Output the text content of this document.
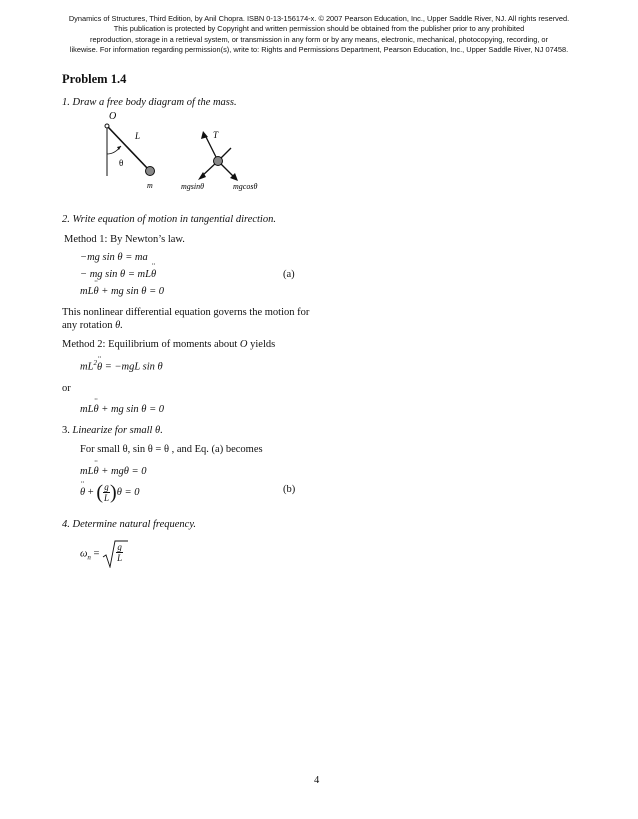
Dynamics of Structures, Third Edition, by Anil Chopra. ISBN 0-13-156174-x. © 2007 Pearson Education, Inc., Upper Saddle River, NJ. All rights reserved.
This publication is protected by Copyright and written permission should be obtained from the publisher prior to any prohibited
reproduction, storage in a retrieval system, or transmission in any form or by any means, electronic, mechanical, photocopying, recording, or
likewise. For information regarding permission(s), write to: Rights and Permissions Department, Pearson Education, Inc., Upper Saddle River, NJ 07458.
Problem 1.4
1. Draw a free body diagram of the mass.
O
L
θ
m
T
mgsinθ	mgcosθ
2. Write equation of motion in tangential direction.
Method 1: By Newton’s law.
−mg sin θ = ma
− mg sin θ = mL¨ θ	(a)
mL¨ θ + mg sin θ = 0
This nonlinear differential equation governs the motion for
any rotation θ.
Method 2: Equilibrium of moments about O yields
$mL^2¨$ θ = −mgL sin θ
or
mL¨ θ + mg sin θ = 0
3. Linearize for small θ.
For small θ, sin θ = θ , and Eq. (a) becomes
mL¨ θ + mgθ = 0
¨ θ + ( $\frac{g}{L} )\theta = 0$	(b)
4. Determine natural frequency.
$\omega_n = \frac{g}{L}$
4
